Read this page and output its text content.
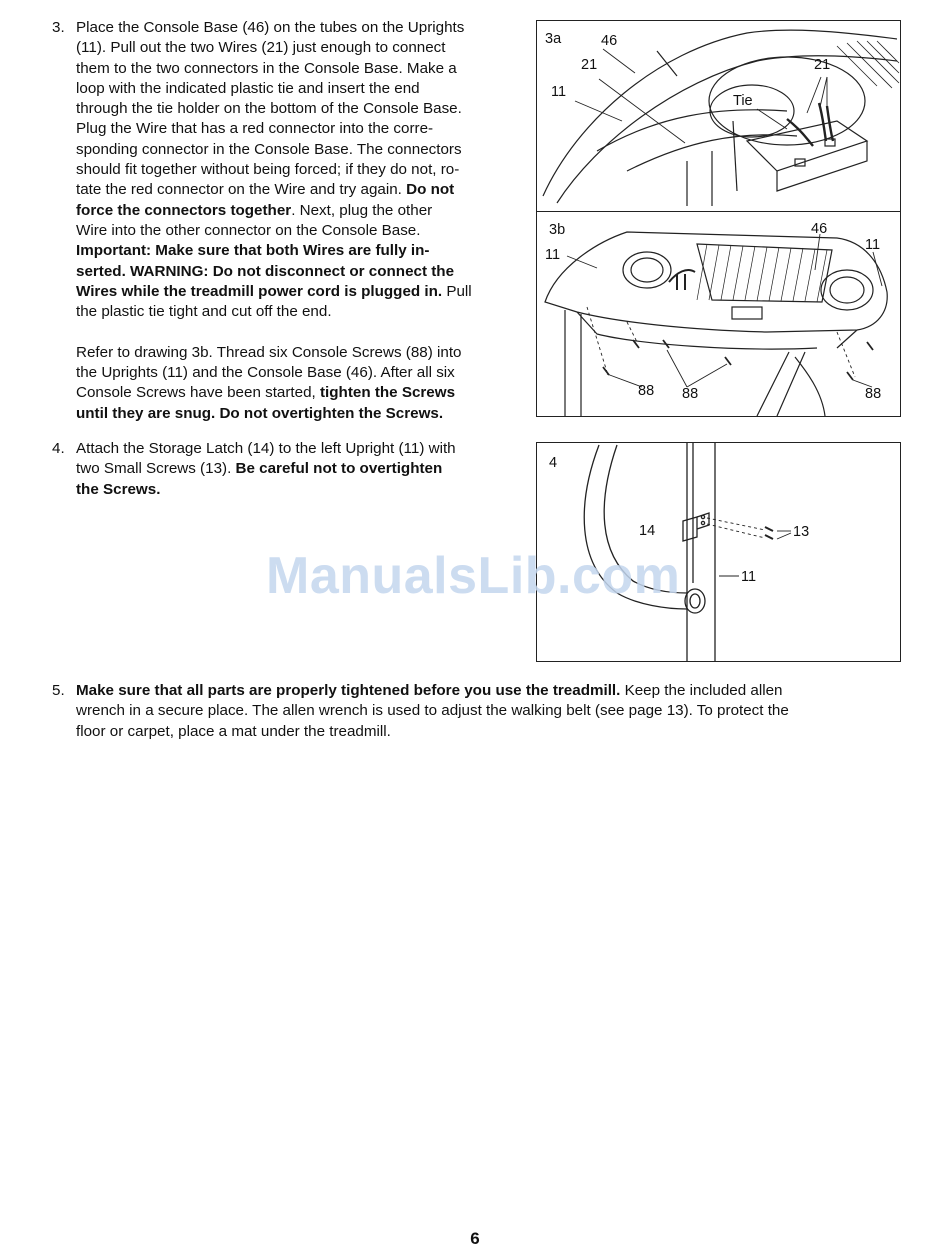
3. Place the Console Base (46) on the tubes on the Uprights

(11). Pull out the two Wires (21) just enough to connect

them to the two connectors in the Console Base. Make a

loop with the indicated plastic tie and insert the end

through the tie holder on the bottom of the Console Base.

Plug the Wire that has a red connector into the corre-

sponding connector in the Console Base. The connectors

should fit together without being forced; if they do not, ro-

tate the red connector on the Wire and try again. Do not

force the connectors together. Next, plug the other

Wire into the other connector on the Console Base.

Important: Make sure that both Wires are fully in-

serted. WARNING: Do not disconnect or connect the

Wires while the treadmill power cord is plugged in. Pull

the plastic tie tight and cut off the end.

Refer to drawing 3b. Thread six Console Screws (88) into

the Uprights (11) and the Console Base (46). After all six

Console Screws have been started, tighten the Screws

until they are snug. Do not overtighten the Screws.

4. Attach the Storage Latch (14) to the left Upright (11) with

two Small Screws (13). Be careful not to overtighten

the Screws.

5. Make sure that all parts are properly tightened before you use the treadmill. Keep the included allen

wrench in a secure place. The allen wrench is used to adjust the walking belt (see page 13). To protect the

floor or carpet, place a mat under the treadmill.

3a	46
21
11
21
Tie
3b
11
46
11
88 88	88
4
14	13
11
ManualsLib.com
6
